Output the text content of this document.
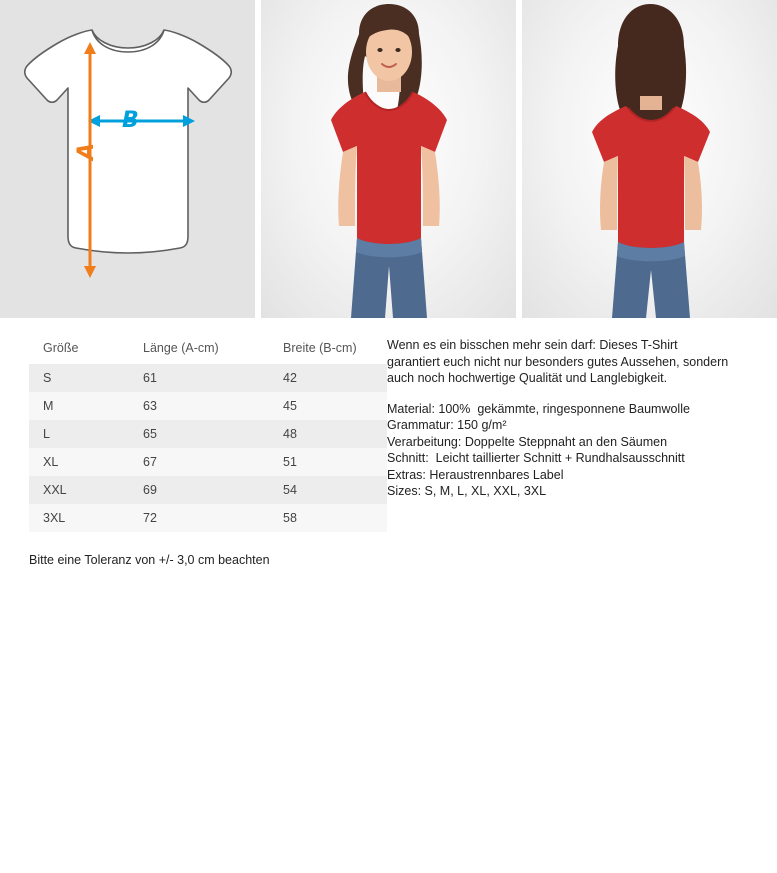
B
A
Größe	Länge (A-cm)	Breite (B-cm)
S	61	42
M	63	45
L	65	48
XL	67	51
XXL	69	54
3XL	72	58
Bitte eine Toleranz von +/- 3,0 cm beachten

Wenn es ein bisschen mehr sein darf: Dieses T-Shirt garantiert euch nicht nur besonders gutes Aussehen, sondern auch noch hochwertige Qualität und Langlebigkeit.

Material: 100%  gekämmte, ringesponnene Baumwolle

Grammatur: 150 g/m²

Verarbeitung: Doppelte Steppnaht an den Säumen

Schnitt:  Leicht taillierter Schnitt + Rundhalsausschnitt

Extras: Heraustrennbares Label

Sizes: S, M, L, XL, XXL, 3XL
